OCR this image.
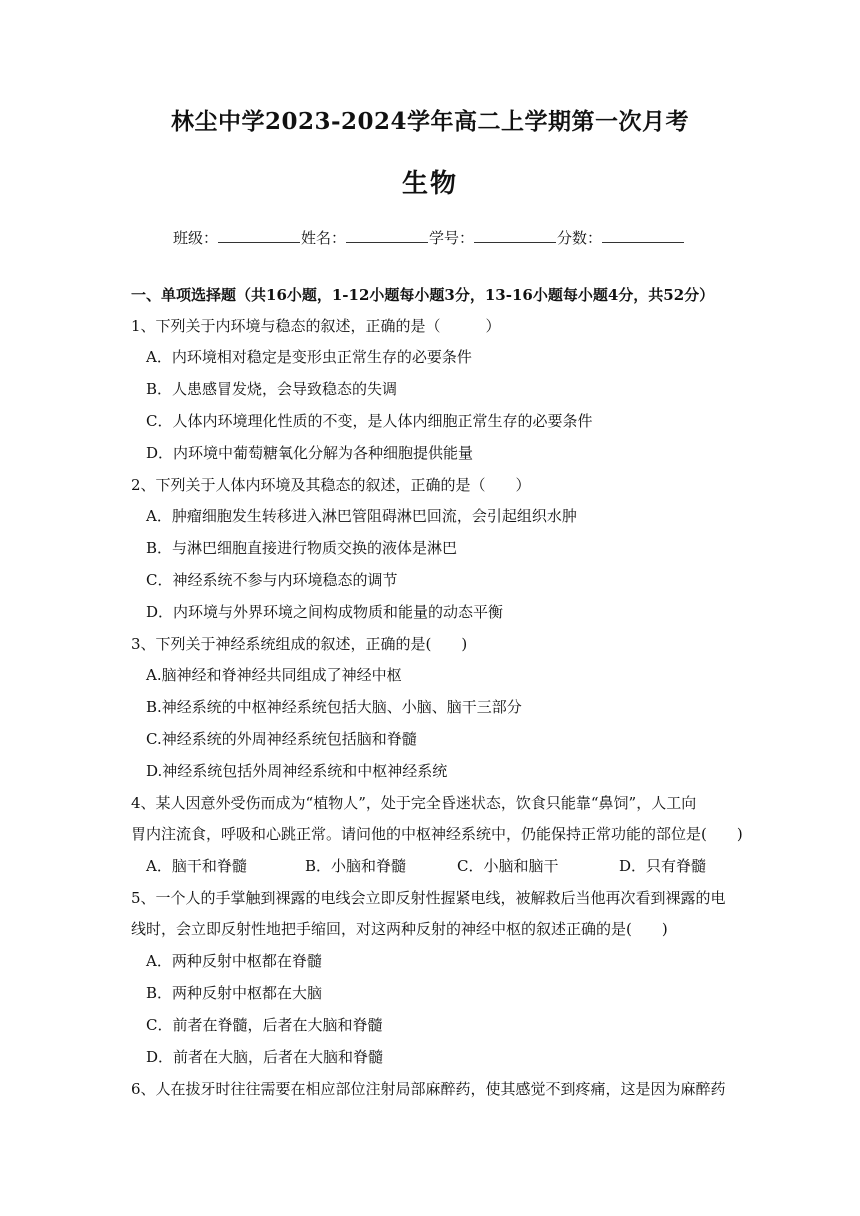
林尘中学2023-2024学年高二上学期第一次月考
生物
班级：	姓名：	学号：	分数：
一、单项选择题（共16小题，1-12小题每小题3分，13-16小题每小题4分，共52分）
1、下列关于内环境与稳态的叙述，正确的是（　　　）
A．内环境相对稳定是变形虫正常生存的必要条件
B．人患感冒发烧，会导致稳态的失调
C．人体内环境理化性质的不变，是人体内细胞正常生存的必要条件
D．内环境中葡萄糖氧化分解为各种细胞提供能量
2、下列关于人体内环境及其稳态的叙述，正确的是（　　）
A．肿瘤细胞发生转移进入淋巴管阻碍淋巴回流，会引起组织水肿
B．与淋巴细胞直接进行物质交换的液体是淋巴
C．神经系统不参与内环境稳态的调节
D．内环境与外界环境之间构成物质和能量的动态平衡
3、下列关于神经系统组成的叙述，正确的是(　　)
A.脑神经和脊神经共同组成了神经中枢
B.神经系统的中枢神经系统包括大脑、小脑、脑干三部分
C.神经系统的外周神经系统包括脑和脊髓
D.神经系统包括外周神经系统和中枢神经系统
4、某人因意外受伤而成为“植物人”，处于完全昏迷状态，饮食只能靠“鼻饲”，人工向
胃内注流食，呼吸和心跳正常。请问他的中枢神经系统中，仍能保持正常功能的部位是(　　)
A．脑干和脊髓	B．小脑和脊髓	C．小脑和脑干	D．只有脊髓
5、一个人的手掌触到裸露的电线会立即反射性握紧电线，被解救后当他再次看到裸露的电
线时，会立即反射性地把手缩回，对这两种反射的神经中枢的叙述正确的是(　　)
A．两种反射中枢都在脊髓
B．两种反射中枢都在大脑
C．前者在脊髓，后者在大脑和脊髓
D．前者在大脑，后者在大脑和脊髓
6、人在拔牙时往往需要在相应部位注射局部麻醉药，使其感觉不到疼痛，这是因为麻醉药
